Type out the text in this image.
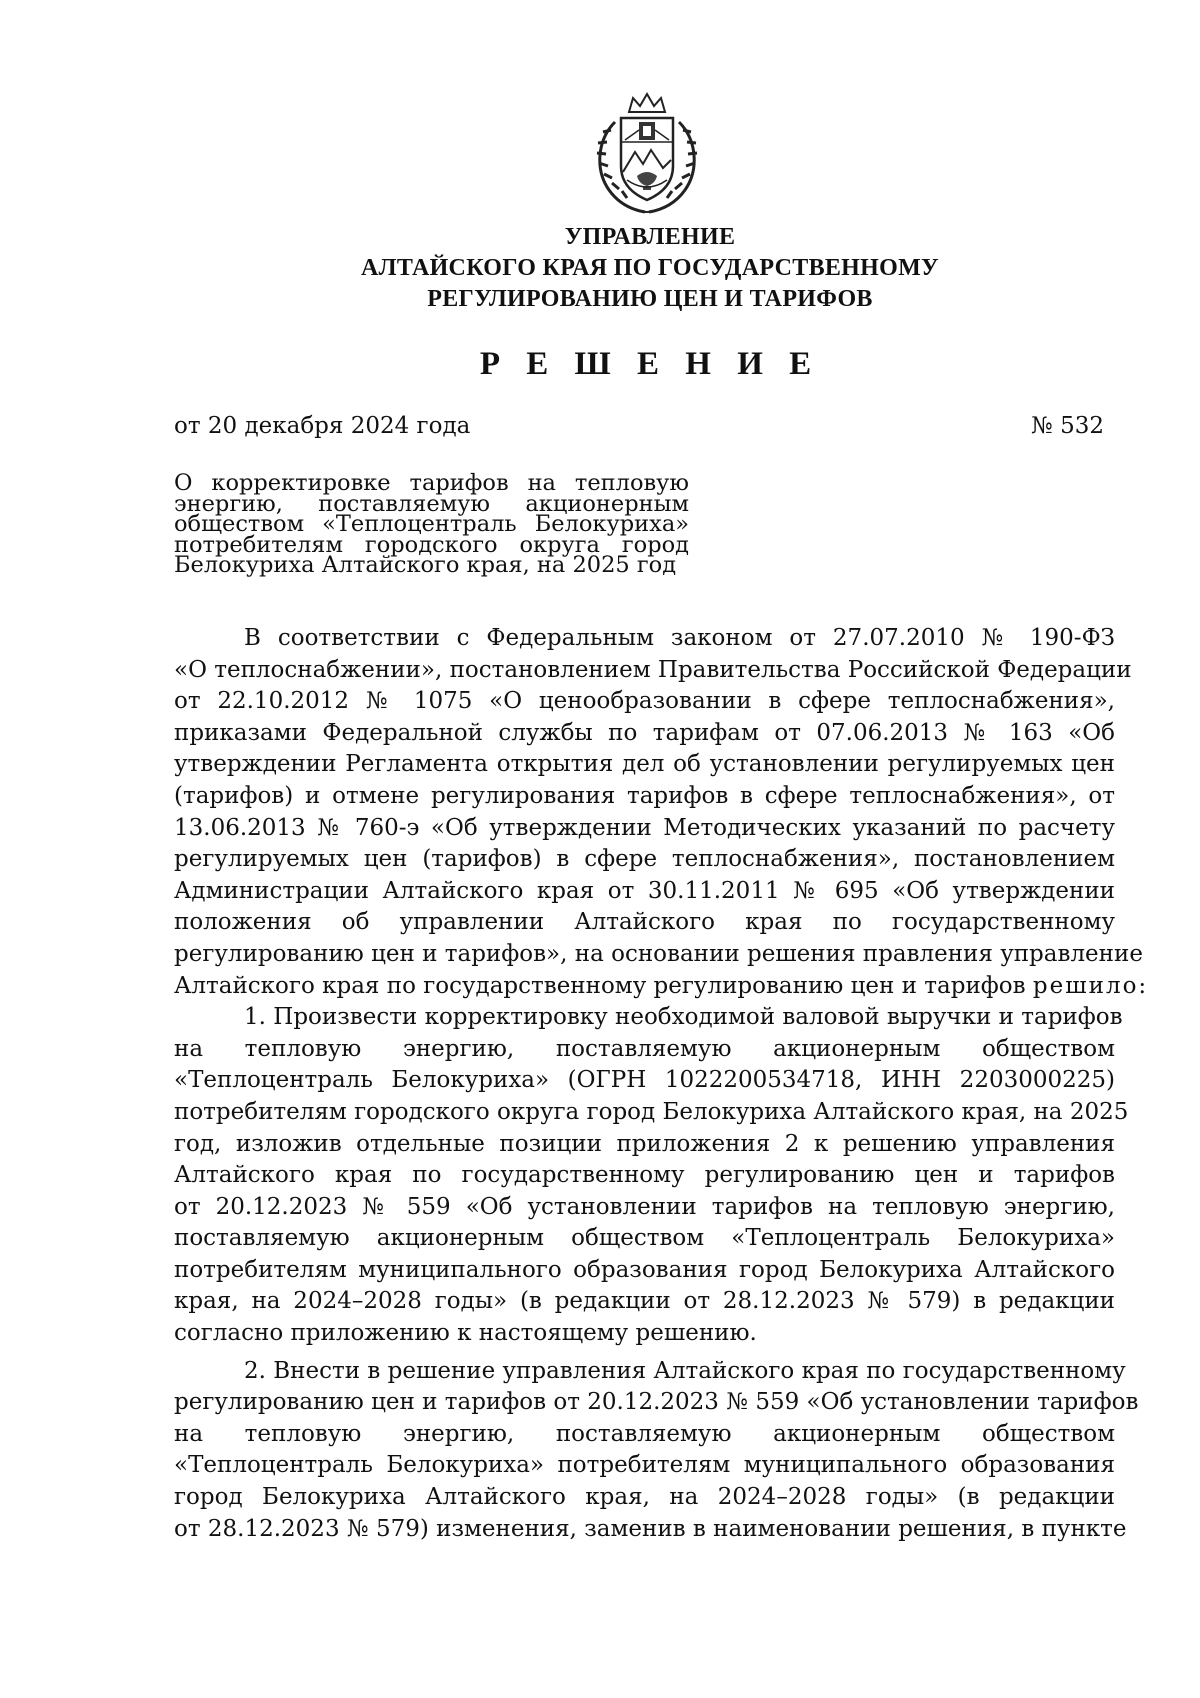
УПРАВЛЕНИЕ
АЛТАЙСКОГО КРАЯ ПО ГОСУДАРСТВЕННОМУ
РЕГУЛИРОВАНИЮ ЦЕН И ТАРИФОВ
Р Е Ш Е Н И Е
от 20 декабря 2024 года	№ 532
О корректировке тарифов на тепловую
энергию, поставляемую акционерным
обществом «Теплоцентраль Белокуриха»
потребителям городского округа город
Белокуриха Алтайского края, на 2025 год
В соответствии с Федеральным законом от 27.07.2010 № 190-ФЗ
«О теплоснабжении», постановлением Правительства Российской Федерации
от 22.10.2012 № 1075 «О ценообразовании в сфере теплоснабжения»,
приказами Федеральной службы по тарифам от 07.06.2013 № 163 «Об
утверждении Регламента открытия дел об установлении регулируемых цен
(тарифов) и отмене регулирования тарифов в сфере теплоснабжения», от
13.06.2013 № 760-э «Об утверждении Методических указаний по расчету
регулируемых цен (тарифов) в сфере теплоснабжения», постановлением
Администрации Алтайского края от 30.11.2011 № 695 «Об утверждении
положения об управлении Алтайского края по государственному
регулированию цен и тарифов», на основании решения правления управление
Алтайского края по государственному регулированию цен и тарифов решило:
1. Произвести корректировку необходимой валовой выручки и тарифов
на тепловую энергию, поставляемую акционерным обществом
«Теплоцентраль Белокуриха» (ОГРН 1022200534718, ИНН 2203000225)
потребителям городского округа город Белокуриха Алтайского края, на 2025
год, изложив отдельные позиции приложения 2 к решению управления
Алтайского края по государственному регулированию цен и тарифов
от 20.12.2023 № 559 «Об установлении тарифов на тепловую энергию,
поставляемую акционерным обществом «Теплоцентраль Белокуриха»
потребителям муниципального образования город Белокуриха Алтайского
края, на 2024–2028 годы» (в редакции от 28.12.2023 № 579) в редакции
согласно приложению к настоящему решению.
2. Внести в решение управления Алтайского края по государственному
регулированию цен и тарифов от 20.12.2023 № 559 «Об установлении тарифов
на тепловую энергию, поставляемую акционерным обществом
«Теплоцентраль Белокуриха» потребителям муниципального образования
город Белокуриха Алтайского края, на 2024–2028 годы» (в редакции
от 28.12.2023 № 579) изменения, заменив в наименовании решения, в пункте
